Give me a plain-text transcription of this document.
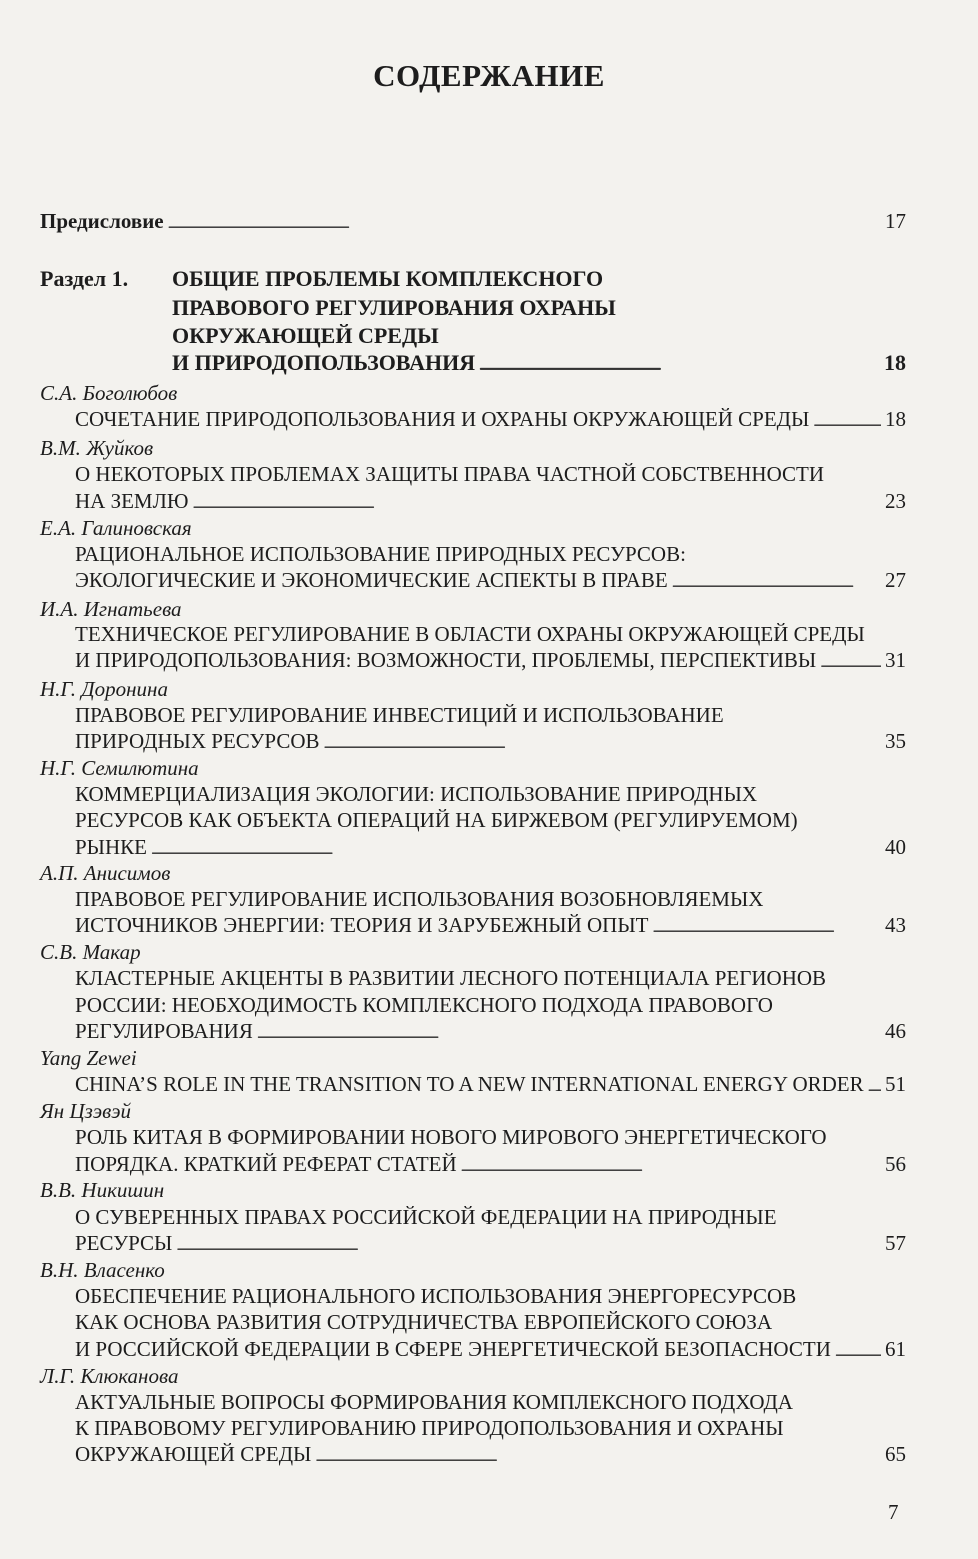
СОДЕРЖАНИЕ
Предисловие . . .	17
Раздел 1. ОБЩИЕ ПРОБЛЕМЫ КОМПЛЕКСНОГО
ПРАВОВОГО РЕГУЛИРОВАНИЯ ОХРАНЫ
ОКРУЖАЮЩЕЙ СРЕДЫ
И ПРИРОДОПОЛЬЗОВАНИЯ . . .	18
С.А. Боголюбов
СОЧЕТАНИЕ ПРИРОДОПОЛЬЗОВАНИЯ И ОХРАНЫ ОКРУЖАЮЩЕЙ СРЕДЫ . . .	18
В.М. Жуйков
О НЕКОТОРЫХ ПРОБЛЕМАХ ЗАЩИТЫ ПРАВА ЧАСТНОЙ СОБСТВЕННОСТИ
НА ЗЕМЛЮ . . .	23
Е.А. Галиновская
РАЦИОНАЛЬНОЕ ИСПОЛЬЗОВАНИЕ ПРИРОДНЫХ РЕСУРСОВ:
ЭКОЛОГИЧЕСКИЕ И ЭКОНОМИЧЕСКИЕ АСПЕКТЫ В ПРАВЕ . . .	27
И.А. Игнатьева
ТЕХНИЧЕСКОЕ РЕГУЛИРОВАНИЕ В ОБЛАСТИ ОХРАНЫ ОКРУЖАЮЩЕЙ СРЕДЫ
И ПРИРОДОПОЛЬЗОВАНИЯ: ВОЗМОЖНОСТИ, ПРОБЛЕМЫ, ПЕРСПЕКТИВЫ . . .	31
Н.Г. Доронина
ПРАВОВОЕ РЕГУЛИРОВАНИЕ ИНВЕСТИЦИЙ И ИСПОЛЬЗОВАНИЕ
ПРИРОДНЫХ РЕСУРСОВ . . .	35
Н.Г. Семилютина
КОММЕРЦИАЛИЗАЦИЯ ЭКОЛОГИИ: ИСПОЛЬЗОВАНИЕ ПРИРОДНЫХ
РЕСУРСОВ КАК ОБЪЕКТА ОПЕРАЦИЙ НА БИРЖЕВОМ (РЕГУЛИРУЕМОМ)
РЫНКЕ . . .	40
А.П. Анисимов
ПРАВОВОЕ РЕГУЛИРОВАНИЕ ИСПОЛЬЗОВАНИЯ ВОЗОБНОВЛЯЕМЫХ
ИСТОЧНИКОВ ЭНЕРГИИ: ТЕОРИЯ И ЗАРУБЕЖНЫЙ ОПЫТ . . .	43
С.В. Макар
КЛАСТЕРНЫЕ АКЦЕНТЫ В РАЗВИТИИ ЛЕСНОГО ПОТЕНЦИАЛА РЕГИОНОВ
РОССИИ: НЕОБХОДИМОСТЬ КОМПЛЕКСНОГО ПОДХОДА ПРАВОВОГО
РЕГУЛИРОВАНИЯ . . .	46
Yang Zewei
CHINA’S ROLE IN THE TRANSITION TO A NEW INTERNATIONAL ENERGY ORDER . . . 51
Ян Цзэвэй
РОЛЬ КИТАЯ В ФОРМИРОВАНИИ НОВОГО МИРОВОГО ЭНЕРГЕТИЧЕСКОГО
ПОРЯДКА. КРАТКИЙ РЕФЕРАТ СТАТЕЙ . . .	56
В.В. Никишин
О СУВЕРЕННЫХ ПРАВАХ РОССИЙСКОЙ ФЕДЕРАЦИИ НА ПРИРОДНЫЕ
РЕСУРСЫ . . .	57
В.Н. Власенко
ОБЕСПЕЧЕНИЕ РАЦИОНАЛЬНОГО ИСПОЛЬЗОВАНИЯ ЭНЕРГОРЕСУРСОВ
КАК ОСНОВА РАЗВИТИЯ СОТРУДНИЧЕСТВА ЕВРОПЕЙСКОГО СОЮЗА
И РОССИЙСКОЙ ФЕДЕРАЦИИ В СФЕРЕ ЭНЕРГЕТИЧЕСКОЙ БЕЗОПАСНОСТИ . . .	61
Л.Г. Клюканова
АКТУАЛЬНЫЕ ВОПРОСЫ ФОРМИРОВАНИЯ КОМПЛЕКСНОГО ПОДХОДА
К ПРАВОВОМУ РЕГУЛИРОВАНИЮ ПРИРОДОПОЛЬЗОВАНИЯ И ОХРАНЫ
ОКРУЖАЮЩЕЙ СРЕДЫ . . .	65
7
